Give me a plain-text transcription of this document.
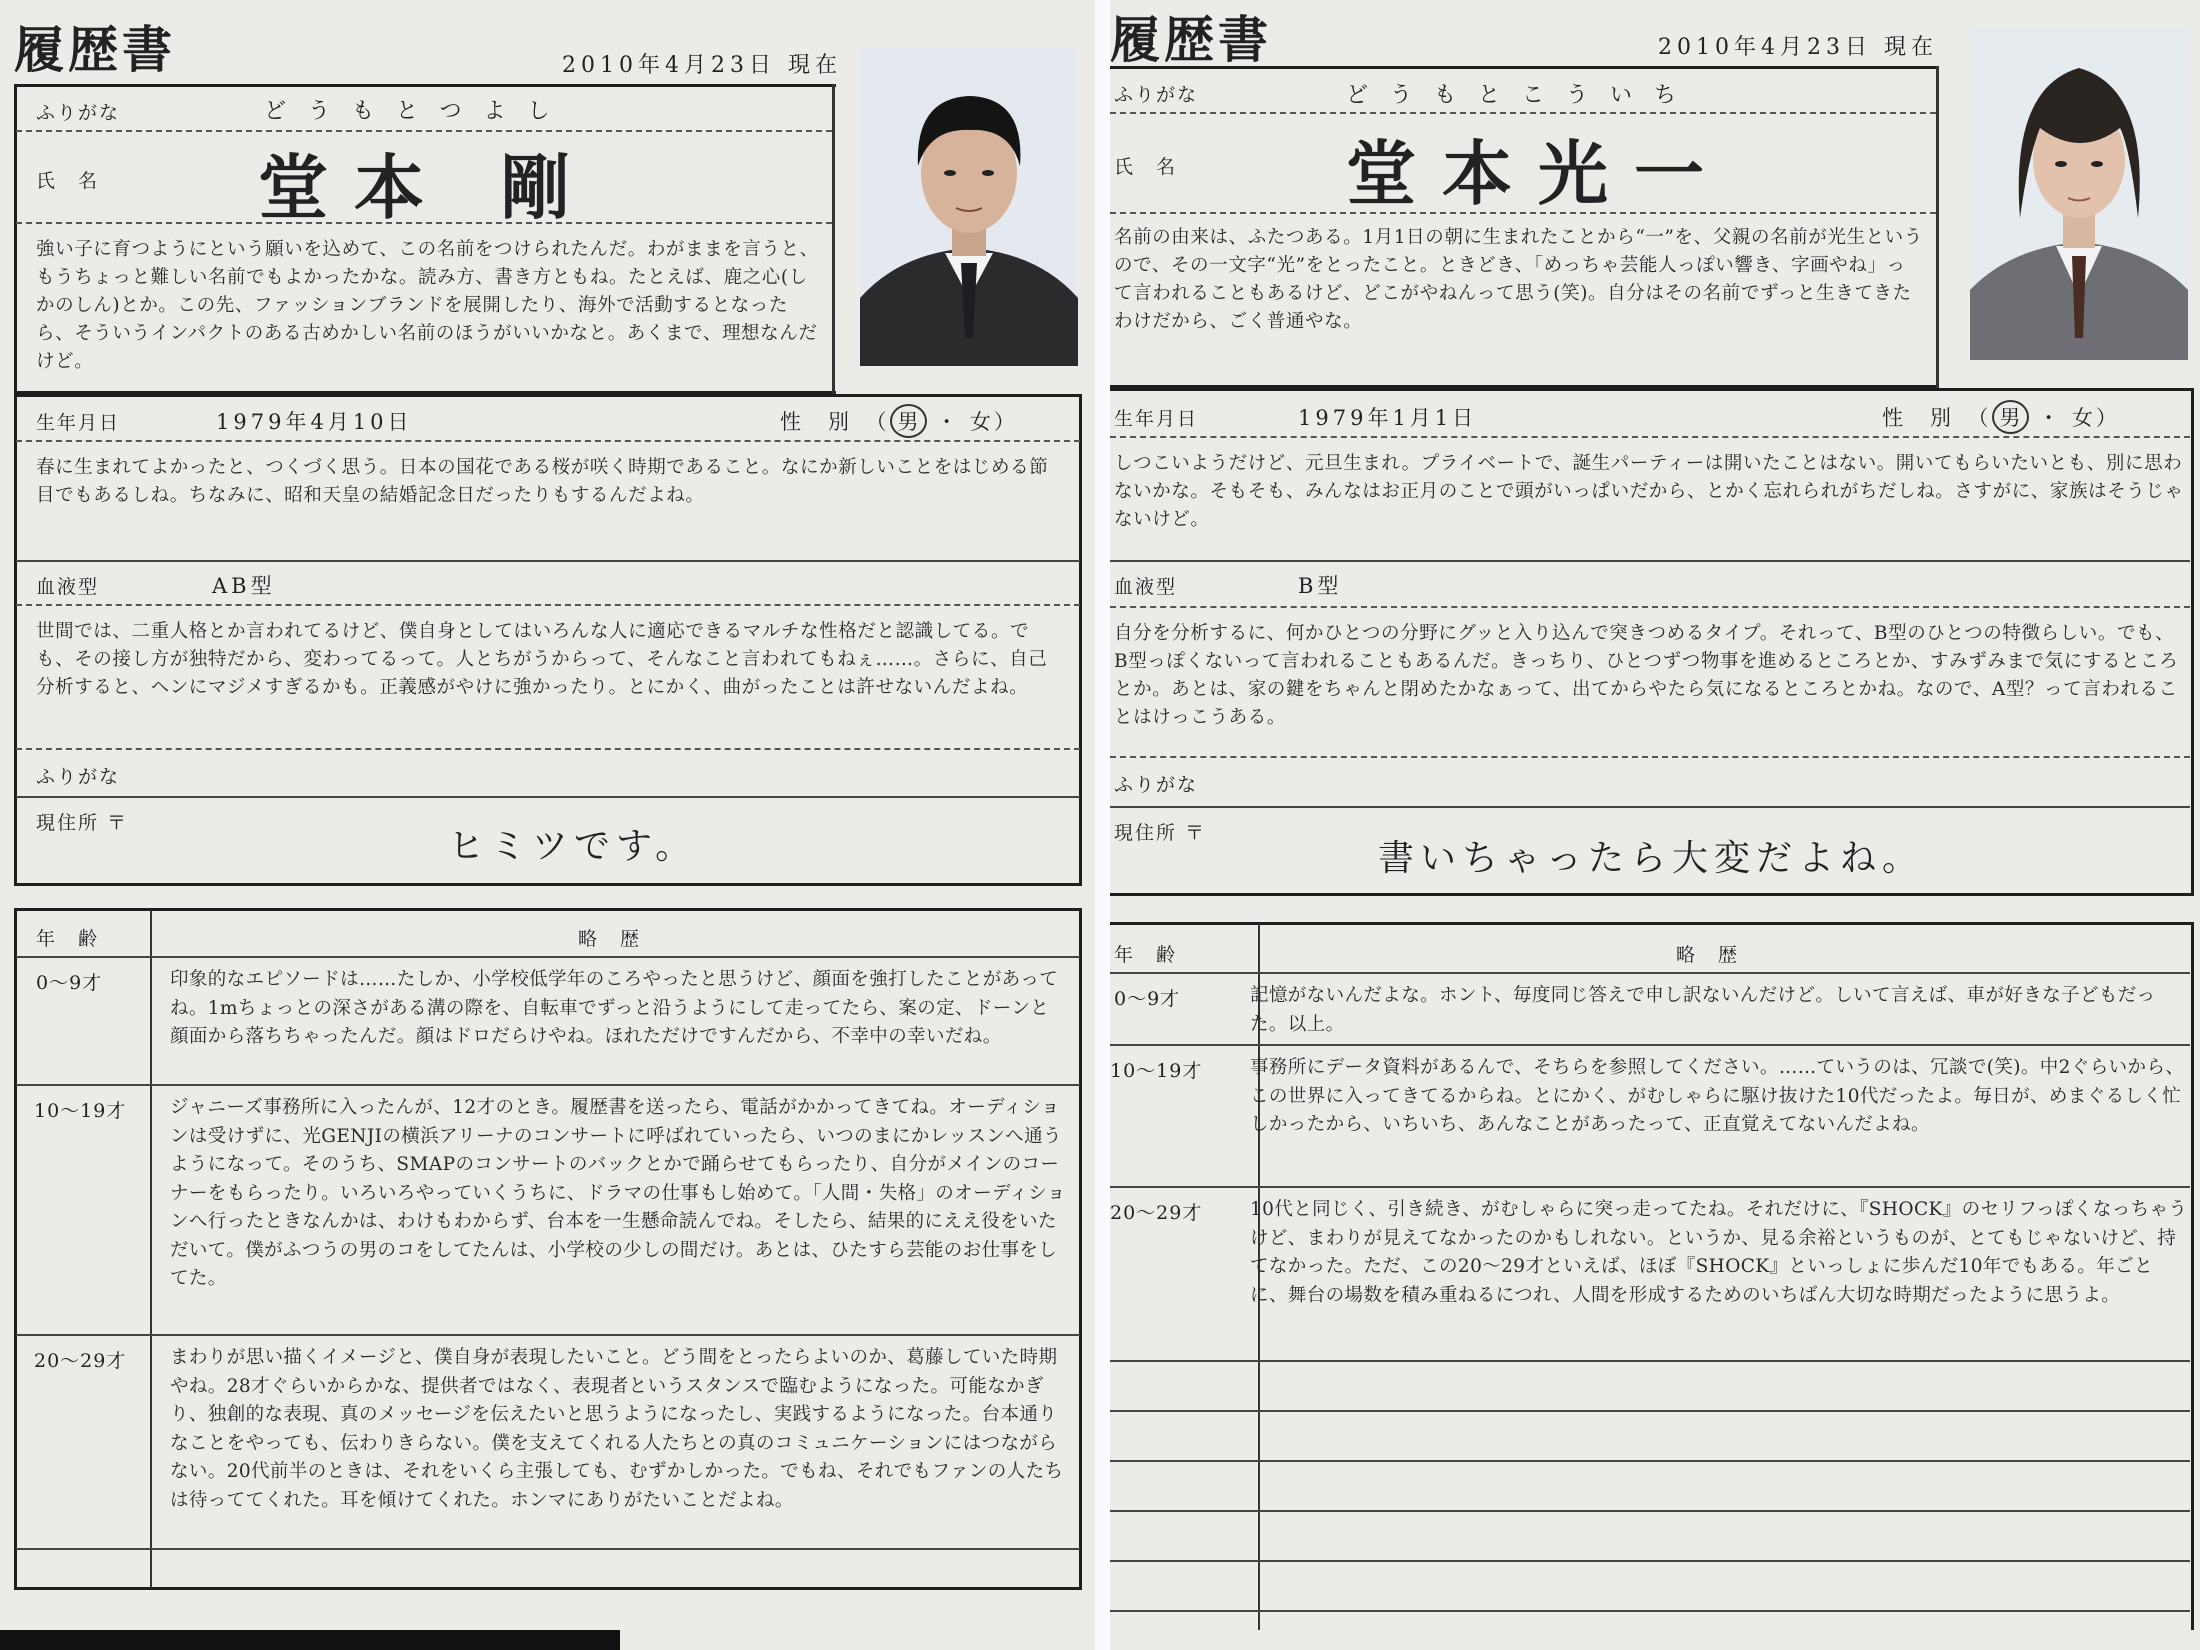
履歴書	2010年4月23日 現在
ふりがな	どうもとつよし
氏　名 堂本 剛
強い子に育つようにという願いを込めて、この名前をつけられたんだ。わがままを言うと、もうちょっと難しい名前でもよかったかな。読み方、書き方ともね。たとえば、鹿之心(しかのしん)とか。この先、ファッションブランドを展開したり、海外で活動するとなったら、そういうインパクトのある古めかしい名前のほうがいいかなと。あくまで、理想なんだけど。
生年月日	1979年4月10日	性　別　 （ 男 ・ 女）
春に生まれてよかったと、つくづく思う。日本の国花である桜が咲く時期であること。なにか新しいことをはじめる節目でもあるしね。ちなみに、昭和天皇の結婚記念日だったりもするんだよね。
血液型	AB型
世間では、二重人格とか言われてるけど、僕自身としてはいろんな人に適応できるマルチな性格だと認識してる。でも、その接し方が独特だから、変わってるって。人とちがうからって、そんなこと言われてもねぇ……。さらに、自己分析すると、ヘンにマジメすぎるかも。正義感がやけに強かったり。とにかく、曲がったことは許せないんだよね。
ふりがな
現住所 〒
ヒミツです。
年　齢	略　歴
0〜9才	印象的なエピソードは……たしか、小学校低学年のころやったと思うけど、顔面を強打したことがあってね。1mちょっとの深さがある溝の際を、自転車でずっと沿うようにして走ってたら、案の定、ドーンと顔面から落ちちゃったんだ。顔はドロだらけやね。ほれただけですんだから、不幸中の幸いだね。
10〜19才 ジャニーズ事務所に入ったんが、12才のとき。履歴書を送ったら、電話がかかってきてね。オーディションは受けずに、光GENJIの横浜アリーナのコンサートに呼ばれていったら、いつのまにかレッスンへ通うようになって。そのうち、SMAPのコンサートのバックとかで踊らせてもらったり、自分がメインのコーナーをもらったり。いろいろやっていくうちに、ドラマの仕事もし始めて。「人間・失格」のオーディションへ行ったときなんかは、わけもわからず、台本を一生懸命読んでね。そしたら、結果的にええ役をいただいて。僕がふつうの男のコをしてたんは、小学校の少しの間だけ。あとは、ひたすら芸能のお仕事をしてた。
20〜29才 まわりが思い描くイメージと、僕自身が表現したいこと。どう間をとったらよいのか、葛藤していた時期やね。28才ぐらいからかな、提供者ではなく、表現者というスタンスで臨むようになった。可能なかぎり、独創的な表現、真のメッセージを伝えたいと思うようになったし、実践するようになった。台本通りなことをやっても、伝わりきらない。僕を支えてくれる人たちとの真のコミュニケーションにはつながらない。20代前半のときは、それをいくら主張しても、むずかしかった。でもね、それでもファンの人たちは待っててくれた。耳を傾けてくれた。ホンマにありがたいことだよね。
履歴書	2010年4月23日 現在
ふりがな	どうもとこういち
氏　名 堂本光一
名前の由来は、ふたつある。1月1日の朝に生まれたことから“一”を、父親の名前が光生というので、その一文字“光”をとったこと。ときどき、「めっちゃ芸能人っぽい響き、字画やね」って言われることもあるけど、どこがやねんって思う(笑)。自分はその名前でずっと生きてきたわけだから、ごく普通やな。
生年月日	1979年1月1日	性　別　 （ 男 ・ 女）
しつこいようだけど、元旦生まれ。プライベートで、誕生パーティーは開いたことはない。開いてもらいたいとも、別に思わないかな。そもそも、みんなはお正月のことで頭がいっぱいだから、とかく忘れられがちだしね。さすがに、家族はそうじゃないけど。
血液型	B型
自分を分析するに、何かひとつの分野にグッと入り込んで突きつめるタイプ。それって、B型のひとつの特徴らしい。でも、B型っぽくないって言われることもあるんだ。きっちり、ひとつずつ物事を進めるところとか、すみずみまで気にするところとか。あとは、家の鍵をちゃんと閉めたかなぁって、出てからやたら気になるところとかね。なので、A型？って言われることはけっこうある。
ふりがな
現住所 〒
書いちゃったら大変だよね。
年　齢	略　歴
0〜9才	記憶がないんだよな。ホント、毎度同じ答えで申し訳ないんだけど。しいて言えば、車が好きな子どもだった。以上。
10〜19才	事務所にデータ資料があるんで、そちらを参照してください。……ていうのは、冗談で(笑)。中2ぐらいから、この世界に入ってきてるからね。とにかく、がむしゃらに駆け抜けた10代だったよ。毎日が、めまぐるしく忙しかったから、いちいち、あんなことがあったって、正直覚えてないんだよね。
20〜29才	10代と同じく、引き続き、がむしゃらに突っ走ってたね。それだけに、『SHOCK』のセリフっぽくなっちゃうけど、まわりが見えてなかったのかもしれない。というか、見る余裕というものが、とてもじゃないけど、持てなかった。ただ、この20〜29才といえば、ほぼ『SHOCK』といっしょに歩んだ10年でもある。年ごとに、舞台の場数を積み重ねるにつれ、人間を形成するためのいちばん大切な時期だったように思うよ。
